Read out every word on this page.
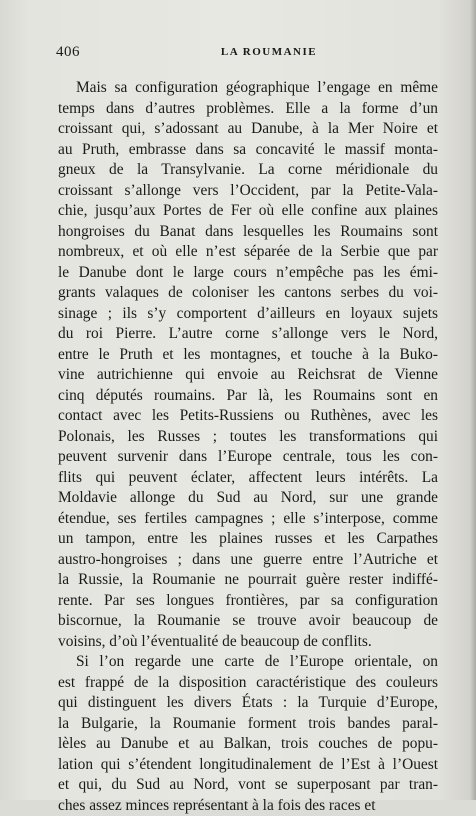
406	LA ROUMANIE
Mais sa configuration géographique l’engage en même
temps dans d’autres problèmes. Elle a la forme d’un
croissant qui, s’adossant au Danube, à la Mer Noire et
au Pruth, embrasse dans sa concavité le massif monta-
gneux de la Transylvanie. La corne méridionale du
croissant s’allonge vers l’Occident, par la Petite-Vala-
chie, jusqu’aux Portes de Fer où elle confine aux plaines
hongroises du Banat dans lesquelles les Roumains sont
nombreux, et où elle n’est séparée de la Serbie que par
le Danube dont le large cours n’empêche pas les émi-
grants valaques de coloniser les cantons serbes du voi-
sinage ; ils s’y comportent d’ailleurs en loyaux sujets
du roi Pierre. L’autre corne s’allonge vers le Nord,
entre le Pruth et les montagnes, et touche à la Buko-
vine autrichienne qui envoie au Reichsrat de Vienne
cinq députés roumains. Par là, les Roumains sont en
contact avec les Petits-Russiens ou Ruthènes, avec les
Polonais, les Russes ; toutes les transformations qui
peuvent survenir dans l’Europe centrale, tous les con-
flits qui peuvent éclater, affectent leurs intérêts. La
Moldavie allonge du Sud au Nord, sur une grande
étendue, ses fertiles campagnes ; elle s’interpose, comme
un tampon, entre les plaines russes et les Carpathes
austro-hongroises ; dans une guerre entre l’Autriche et
la Russie, la Roumanie ne pourrait guère rester indiffé-
rente. Par ses longues frontières, par sa configuration
biscornue, la Roumanie se trouve avoir beaucoup de
voisins, d’où l’éventualité de beaucoup de conflits.
Si l’on regarde une carte de l’Europe orientale, on
est frappé de la disposition caractéristique des couleurs
qui distinguent les divers États : la Turquie d’Europe,
la Bulgarie, la Roumanie forment trois bandes paral-
lèles au Danube et au Balkan, trois couches de popu-
lation qui s’étendent longitudinalement de l’Est à l’Ouest
et qui, du Sud au Nord, vont se superposant par tran-
ches assez minces représentant à la fois des races et
